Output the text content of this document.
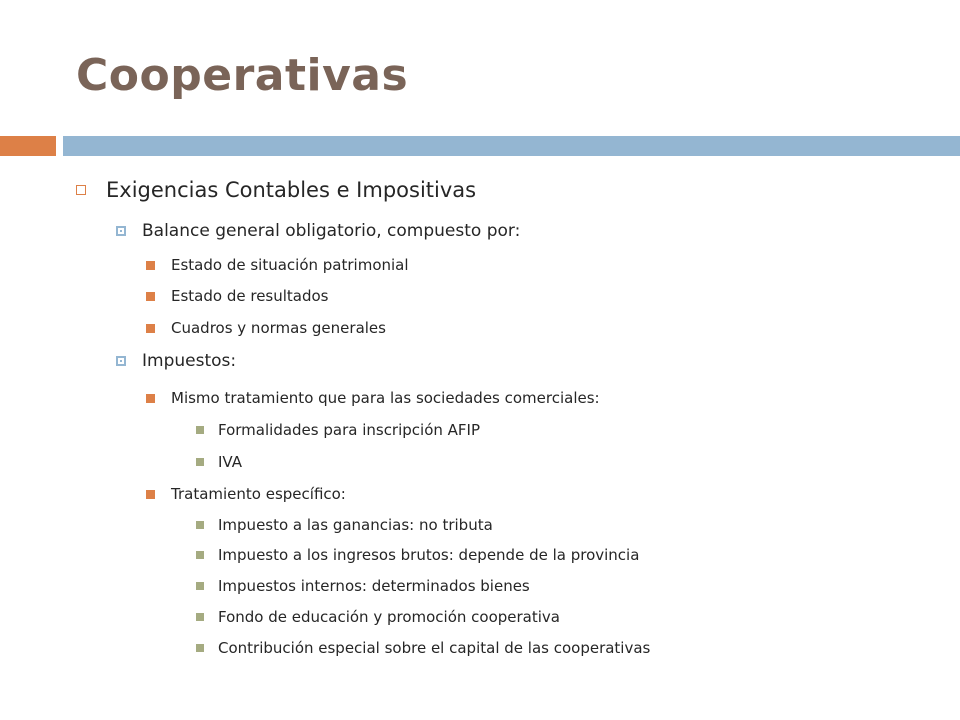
Cooperativas
Exigencias Contables e Impositivas
Balance general obligatorio, compuesto por:
Estado de situación patrimonial
Estado de resultados
Cuadros y normas generales
Impuestos:
Mismo tratamiento que para las sociedades comerciales:
Formalidades para inscripción AFIP
IVA
Tratamiento específico:
Impuesto a las ganancias: no tributa
Impuesto a los ingresos brutos: depende de la provincia
Impuestos internos: determinados bienes
Fondo de educación y promoción cooperativa
Contribución especial sobre el capital de las cooperativas
